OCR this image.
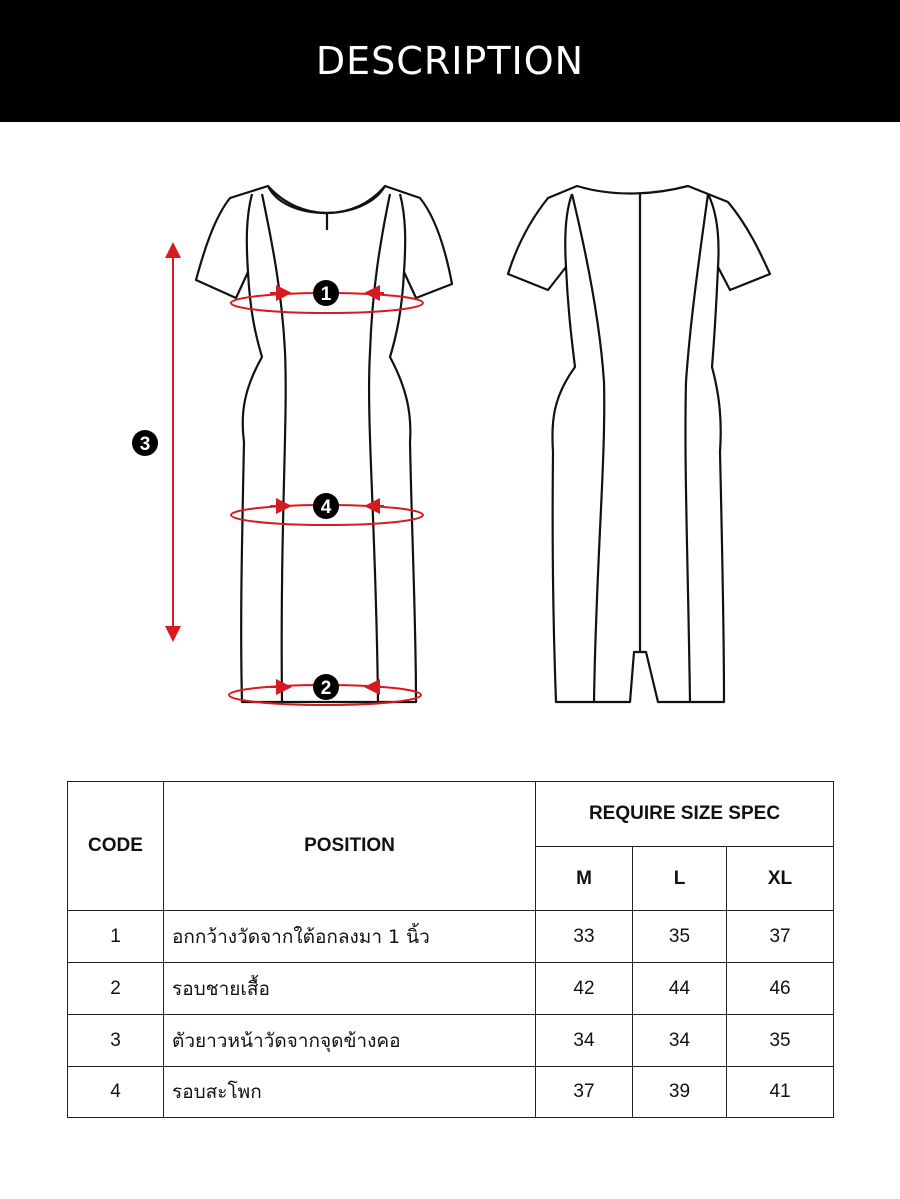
DESCRIPTION
1
4
2
3
CODE	POSITION	REQUIRE SIZE SPEC		
		M	L	XL
1	อกกว้างวัดจากใต้อกลงมา 1 นิ้ว	33	35	37
2	รอบชายเสื้อ	42	44	46
3	ตัวยาวหน้าวัดจากจุดข้างคอ	34	34	35
4	รอบสะโพก	37	39	41
